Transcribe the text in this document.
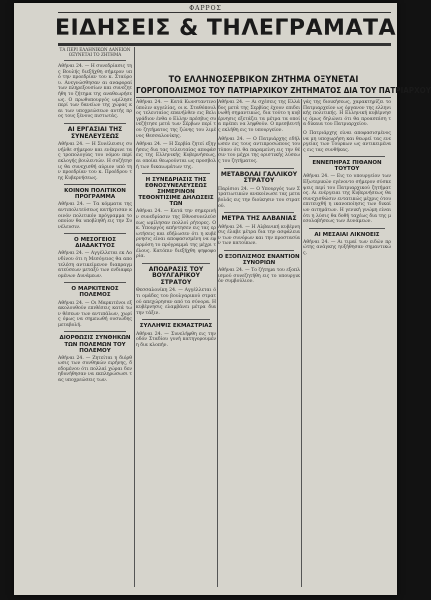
ΦΑΡΡΟΣ
ΕΙΔΗΣΕΙΣ & ΤΗΛΕΓΡΑΜΑΤΑ
ΤΑ ΠΕΡΙ ΕΛΛΗΝΙΚΩΝ ΔΑΝΕΙΩΝ ΟΞΥΝΕΤΑΙ ΤΟ ΖΗΤΗΜΑ
Αθήναι 24. — Η συνεδρίασις της Βουλής διεξήχθη σήμερον υπό την προεδρίαν του κ. Σταύρου. Ανεγνώσθησαν αι αναφοραί των πληρεξουσίων και συνεζητήθη το ζήτημα της αναθεωρήσεως. Ο πρωθυπουργός ωμίλησε περί των δανείων της χώρας και των υποχρεώσεων αυτής προς τους ξένους πιστωτάς.
ΑΙ ΕΡΓΑΣΙΑΙ ΤΗΣ ΣΥΝΕΛΕΥΣΕΩΣ
Αθήναι 24. — Η Συνέλευσις συνήλθε σήμερον και ενέκρινε τας τροπολογίας του νόμου περί εκλογής βουλευτών. Η συζήτησις θα συνεχισθή αύριον υπό την προεδρίαν του κ. Προέδρου της Κυβερνήσεως.
ΚΟΙΝΟΝ ΠΟΛΙΤΙΚΟΝ ΠΡΟΓΡΑΜΜΑ
Αθήναι 24. — Τα κόμματα της αντιπολιτεύσεως κατήρτισαν κοινόν πολιτικόν πρόγραμμα το οποίον θα υποβληθή εις την Συνέλευσιν.
Ο ΜΕΣΟΓΕΙΟΣ ΔΙΑΔΑΚΤΥΟΣ
Αθήναι 24. — Αγγέλλεται εκ Λονδίνου ότι η Μεσόγειος θα αποτελέση αντικείμενον διαπραγματεύσεων μεταξύ των ενδιαφερομένων Δυνάμεων.
Ο ΜΑΡΚΙΤΕΝΟΣ ΠΟΛΕΜΟΣ
Αθήναι 24. — Οι Μαρκιτένοι εξακολουθούν επιθέσεις κατά των θέσεων των αντιπάλων, χωρίς όμως να σημειωθή ουσιώδης μεταβολή.
ΔΙΟΡΘΩΣΙΣ ΣΥΝΘΗΚΩΝ ΤΩΝ ΠΟΛΕΜΩΝ ΤΟΥ ΠΟΛΕΜΟΥ
Αθήναι 24. — Ζητείται η διόρθωσις των συνθηκών ειρήνης, δεδομένου ότι πολλαί χώραι δεν ηδυνήθησαν να εκπληρώσωσι τας υποχρεώσεις των.
ΤΟ ΕΛΛΗΝΟΣΕΡΒΙΚΟΝ ΖΗΤΗΜΑ ΟΞΥΝΕΤΑΙ
ΓΟΡΓΟΠΟΛΙΣΜΟΣ ΤΟΥ ΠΑΤΡΙΑΡΧΙΚΟΥ ΖΗΤΗΜΑΤΟΣ ΔΙΑ ΤΟΥ ΠΑΤΡΙΑΡΧΟΥ
Αθήναι 24. — Κατά Κωνσταντινούπολιν αγγελίας, οι κ. Σταθόπουλος τελευταίος επανήλθεν εις Βελιγράδιον ένθα ο Ελλην πρέσβυς συνεζήτησε μετά των Σέρβων περί του ζητήματος της ζώνης του λιμένος Θεσσαλονίκης.
Αθήναι 24. — Η Σερβία ζητεί εξηγήσεις δια τας τελευταίας αποφάσεις της Ελληνικής Κυβερνήσεως, αι οποίαι θεωρούνται ως προσβολή των δικαιωμάτων της.
Η ΣΥΝΕΔΡΙΑΣΙΣ ΤΗΣ ΕΘΝΟΣΥΝΕΛΕΥΣΕΩΣ ΣΗΜΕΡΙΝΟΝ ΤΕΘΟΝΤΙΣΙΜΕ ΔΗΛΩΣΕΙΣ ΤΩΝ
Αθήναι 24. — Κατά την σημερινήν συνεδρίασιν της Εθνοσυνελεύσεως ωμίλησαν πολλοί ρήτορες. Ο κ. Υπουργός απήντησεν εις τας ερωτήσεις και εδήλωσεν ότι η κυβέρνησις είναι αποφασισμένη να εφαρμόση το πρόγραμμά της μέχρι τέλους. Κατόπιν διεξήχθη ψηφοφορία.
ΑΠΟΔΡΑΣΙΣ ΤΟΥ ΒΟΥΛΓΑΡΙΚΟΥ ΣΤΡΑΤΟΥ
Θεσσαλονίκη 24. — Αγγέλλεται ότι ομάδες του βουλγαρικού στρατού απεχώρησαν από τα σύνορα. Η κυβέρνησις ελαμβάνει μέτρα δια την τάξιν.
ΣΥΛΛΗΨΙΣ ΕΚΜΑΣΤΡΙΑΣ
Αθήναι 24. — Συνελήφθη εις την οδόν Σταδίου γυνή κατηγορουμένη δια κλοπήν.
Αθήναι 24. — Αι σχέσεις της Ελλάδος μετά της Σερβίας έχουν επιδεινωθή σημαντικώς, δια τούτο η κυβέρνησις εξετάζει τα μέτρα τα οποία πρέπει να ληφθούν. Ο πρεσβευτής εκλήθη εις το υπουργείον.
Αθήναι 24. — Ο Πατριάρχης εδήλωσεν εις τους αντιπροσώπους του τύπου ότι θα παραμείνη εις την θέσιν του μέχρι της οριστικής λύσεως του ζητήματος.
ΜΕΤΑΒΟΛΑΙ ΓΑΛΛΙΚΟΥ ΣΤΡΑΤΟΥ
Παρίσιοι 24. — Ο Υπουργός των Στρατιωτικών ανεκοίνωσε τας μεταβολάς εις την διοίκησιν του στρατού.
ΜΕΤΡΑ ΤΗΣ ΑΛΒΑΝΙΑΣ
Αθήναι 24. — Η Αλβανική κυβέρνησις έλαβε μέτρα δια την ασφάλειαν των συνόρων και την προστασίαν των κατοίκων.
Ο ΕΞΟΠΛΙΣΜΟΣ ΕΝΑΝΤΙΟΝ ΣΥΝΟΡΙΩΝ
Αθήναι 24. — Το ζήτημα του εξοπλισμού συνεζητήθη εις το υπουργικόν συμβούλιον.
γάς της διοικήσεως, χαρακτηρίζει το Πατριαρχείον ως όργανον της ελληνικής πολιτικής. Η Ελληνική κυβέρνησις όμως δηλώνει ότι θα προασπίση τα δίκαια του Πατριαρχείου.
Ο Πατριάρχης είναι αποφασισμένος να μη υποχωρήση και θεωρεί τας ενεργείας των Τούρκων ως αντικειμένας εις τας συνθήκας.
ΕΝΝΕΠΗΡΑΣ ΠΙΘΑΝΟΝ ΤΟΥΤΟΥ
Αθήναι 24. — Εις το υπουργείον των Εξωτερικών εγένοντο σήμερον σύσκεψεις περί του Πατριαρχικού ζητήματος. Αι ενέργειαι της Κυβερνήσεως θα συνεχισθώσιν εντατικώς μέχρις ότου επιτευχθή η ικανοποίησις των δικαίων αιτημάτων. Η γενική γνώμη είναι ότι η λύσις θα δοθή ταχέως δια της μεσολαβήσεως των Δυνάμεων.
ΑΙ ΜΕΣΑΙΑΙ ΛΙΚΝΟΕΙΣ
Αθήναι 24. — Αι τιμαί των ειδών πρώτης ανάγκης ηυξήθησαν σημαντικώς.
